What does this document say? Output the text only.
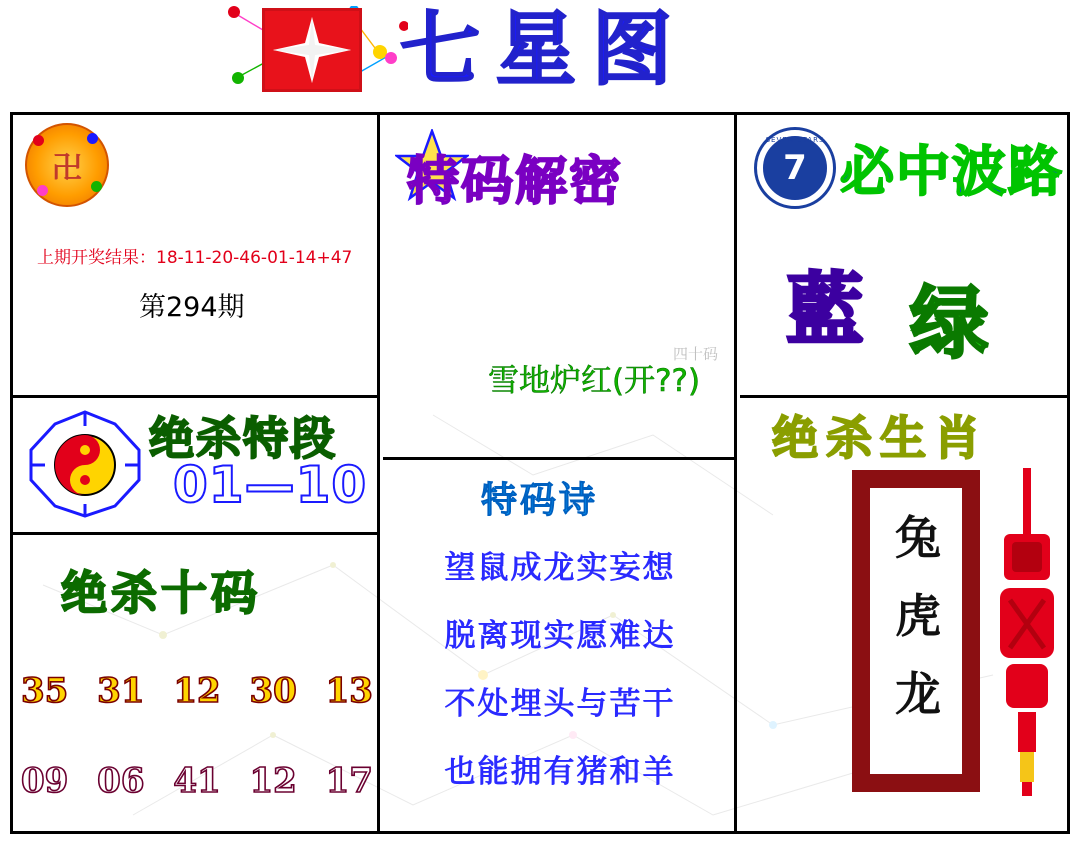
七星图
卍
上期开奖结果：18-11-20-46-01-14+47
第294期
绝杀特段
01—10
绝杀十码
35 31 12 30 13
09 06 41 12 17
特码解密
雪地炉红(开??)
四十码
特码诗
望鼠成龙实妄想
脱离现实愿难达
不处埋头与苦干
也能拥有猪和羊
SEVEN STARS
7 必中波路
藍 绿
绝杀生肖
兔
虎
龙
